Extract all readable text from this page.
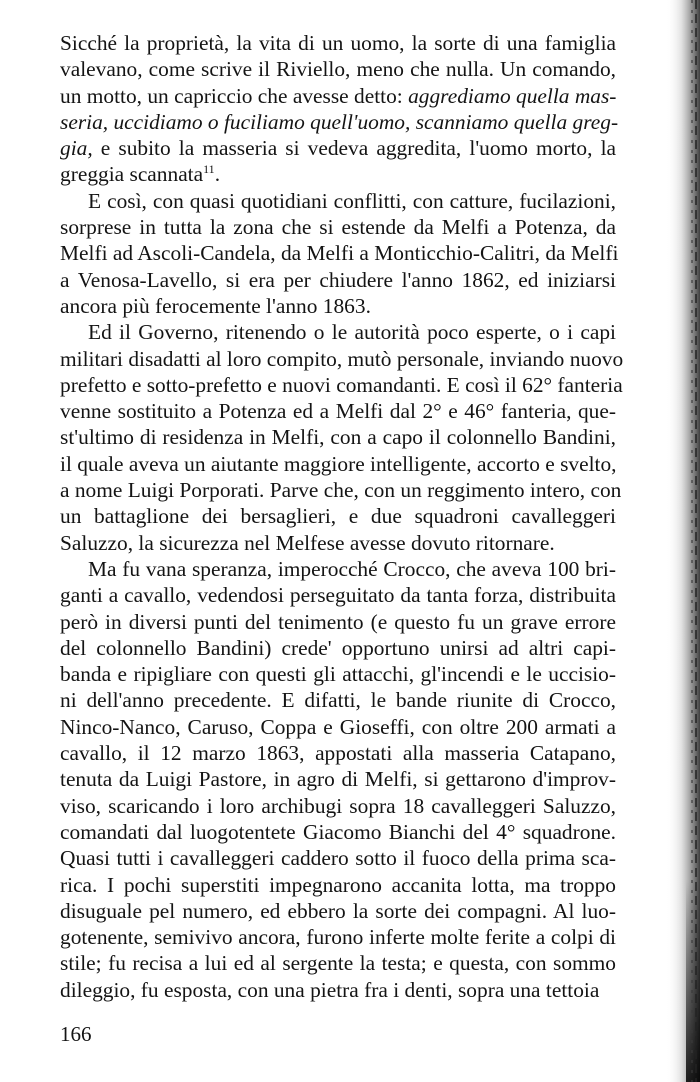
Sicché la proprietà, la vita di un uomo, la sorte di una famiglia
valevano, come scrive il Riviello, meno che nulla. Un comando,
un motto, un capriccio che avesse detto: aggrediamo quella mas-
seria, uccidiamo o fuciliamo quell'uomo, scanniamo quella greg-
gia, e subito la masseria si vedeva aggredita, l'uomo morto, la
greggia scannata$^{11}$.

E così, con quasi quotidiani conflitti, con catture, fucilazioni,
sorprese in tutta la zona che si estende da Melfi a Potenza, da
Melfi ad Ascoli-Candela, da Melfi a Monticchio-Calitri, da Melfi
a Venosa-Lavello, si era per chiudere l'anno 1862, ed iniziarsi
ancora più ferocemente l'anno 1863.

Ed il Governo, ritenendo o le autorità poco esperte, o i capi
militari disadatti al loro compito, mutò personale, inviando nuovo
prefetto e sotto-prefetto e nuovi comandanti. E così il 62° fanteria
venne sostituito a Potenza ed a Melfi dal 2° e 46° fanteria, que-
st'ultimo di residenza in Melfi, con a capo il colonnello Bandini,
il quale aveva un aiutante maggiore intelligente, accorto e svelto,
a nome Luigi Porporati. Parve che, con un reggimento intero, con
un battaglione dei bersaglieri, e due squadroni cavalleggeri
Saluzzo, la sicurezza nel Melfese avesse dovuto ritornare.

Ma fu vana speranza, imperocché Crocco, che aveva 100 bri-
ganti a cavallo, vedendosi perseguitato da tanta forza, distribuita
però in diversi punti del tenimento (e questo fu un grave errore
del colonnello Bandini) crede' opportuno unirsi ad altri capi-
banda e ripigliare con questi gli attacchi, gl'incendi e le uccisio-
ni dell'anno precedente. E difatti, le bande riunite di Crocco,
Ninco-Nanco, Caruso, Coppa e Gioseffi, con oltre 200 armati a
cavallo, il 12 marzo 1863, appostati alla masseria Catapano,
tenuta da Luigi Pastore, in agro di Melfi, si gettarono d'improv-
viso, scaricando i loro archibugi sopra 18 cavalleggeri Saluzzo,
comandati dal luogotentete Giacomo Bianchi del 4° squadrone.
Quasi tutti i cavalleggeri caddero sotto il fuoco della prima sca-
rica. I pochi superstiti impegnarono accanita lotta, ma troppo
disuguale pel numero, ed ebbero la sorte dei compagni. Al luo-
gotenente, semivivo ancora, furono inferte molte ferite a colpi di
stile; fu recisa a lui ed al sergente la testa; e questa, con sommo
dileggio, fu esposta, con una pietra fra i denti, sopra una tettoia

166
